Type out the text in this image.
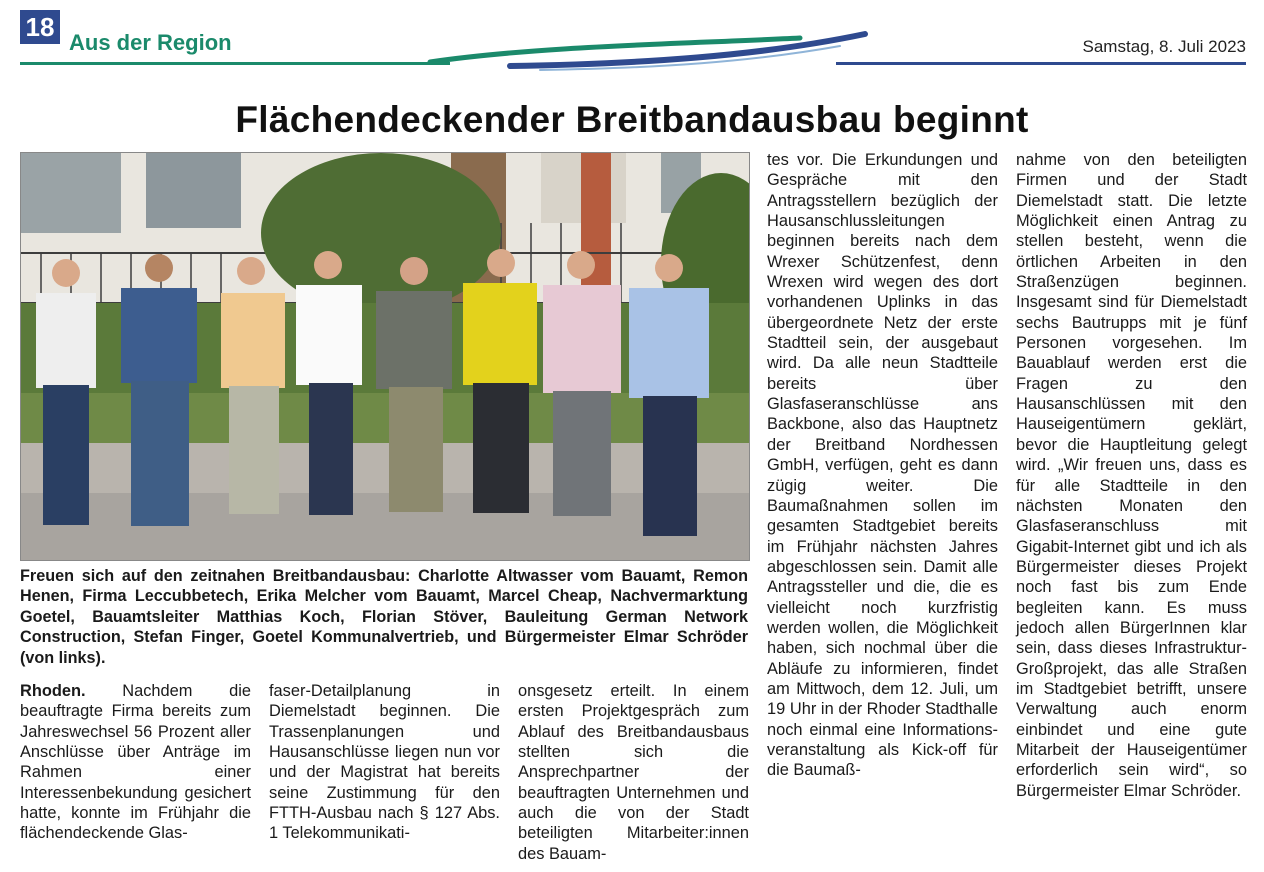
18
Aus der Region	Samstag, 8. Juli 2023
Flächendeckender Breitbandausbau beginnt
Freuen sich auf den zeitnahen Breitbandausbau: Charlotte Altwasser vom Bauamt, Remon Henen, Firma Leccubbetech, Erika Melcher vom Bauamt, Marcel Cheap, Nachvermarktung Goetel, Bauamtsleiter Matthias Koch, Florian Stöver, Bauleitung German Network Construction, Stefan Finger, Goetel Kommunalvertrieb, und Bürgermeister Elmar Schröder (von links).

Rhoden. Nachdem die beauftragte Firma bereits zum Jahreswechsel 56 Prozent aller Anschlüsse über Anträge im Rahmen einer Interessenbekundung gesichert hatte, konnte im Frühjahr die flächendeckende Glas-

faser-Detailplanung in Diemelstadt beginnen. Die Trassenplanungen und Hausanschlüsse liegen nun vor und der Magistrat hat bereits seine Zustimmung für den FTTH-Ausbau nach § 127 Abs. 1 Telekommunikati-

onsgesetz erteilt. In einem ersten Projektgespräch zum Ablauf des Breitbandausbaus stellten sich die Ansprechpartner der beauftragten Unternehmen und auch die von der Stadt beteiligten Mitarbeiter:innen des Bauam-

tes vor. Die Erkundungen und Gespräche mit den Antragsstellern bezüglich der Hausanschlussleitungen beginnen bereits nach dem Wrexer Schützenfest, denn Wrexen wird wegen des dort vorhandenen Uplinks in das übergeordnete Netz der erste Stadtteil sein, der ausgebaut wird. Da alle neun Stadtteile bereits über Glasfaseranschlüsse ans Backbone, also das Hauptnetz der Breitband Nordhessen GmbH, verfügen, geht es dann zügig weiter. Die Baumaßnahmen sollen im gesamten Stadtgebiet bereits im Frühjahr nächsten Jahres abgeschlossen sein. Damit alle Antragssteller und die, die es vielleicht noch kurzfristig werden wollen, die Möglichkeit haben, sich nochmal über die Abläufe zu informieren, findet am Mittwoch, dem 12. Juli, um 19 Uhr in der Rhoder Stadthalle noch einmal eine Informations-veranstaltung als Kick-off für die Baumaß-

nahme von den beteiligten Firmen und der Stadt Diemelstadt statt. Die letzte Möglichkeit einen Antrag zu stellen besteht, wenn die örtlichen Arbeiten in den Straßenzügen beginnen. Insgesamt sind für Diemelstadt sechs Bautrupps mit je fünf Personen vorgesehen. Im Bauablauf werden erst die Fragen zu den Hausanschlüssen mit den Hauseigentümern geklärt, bevor die Hauptleitung gelegt wird. „Wir freuen uns, dass es für alle Stadtteile in den nächsten Monaten den Glasfaseranschluss mit Gigabit-Internet gibt und ich als Bürgermeister dieses Projekt noch fast bis zum Ende begleiten kann. Es muss jedoch allen BürgerInnen klar sein, dass dieses Infrastruktur-Großprojekt, das alle Straßen im Stadtgebiet betrifft, unsere Verwaltung auch enorm einbindet und eine gute Mitarbeit der Hauseigentümer erforderlich sein wird“, so Bürgermeister Elmar Schröder.
